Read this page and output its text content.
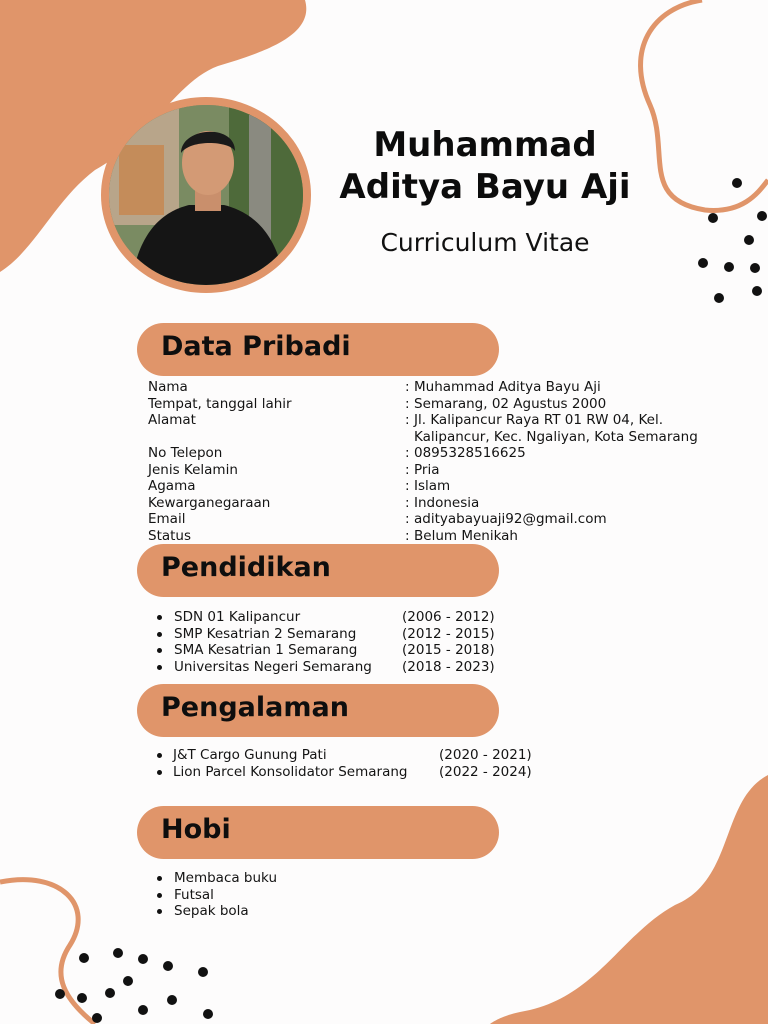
Muhammad
Aditya Bayu Aji
Curriculum Vitae
Data Pribadi
Nama	: Muhammad Aditya Bayu Aji
Tempat, tanggal lahir	: Semarang, 02 Agustus 2000
Alamat	: Jl. Kalipancur Raya RT 01 RW 04, Kel. Kalipancur, Kec. Ngaliyan, Kota Semarang
No Telepon	: 0895328516625
Jenis Kelamin	: Pria
Agama	: Islam
Kewarganegaraan	: Indonesia
Email	: adityabayuaji92@gmail.com
Status	: Belum Menikah
Pendidikan
SDN 01 Kalipancur	(2006 - 2012)
SMP Kesatrian 2 Semarang	(2012 - 2015)
SMA Kesatrian 1 Semarang	(2015 - 2018)
Universitas Negeri Semarang (2018 - 2023)
Pengalaman
J&T Cargo Gunung Pati	(2020 - 2021)
Lion Parcel Konsolidator Semarang (2022 - 2024)
Hobi
Membaca buku
Futsal
Sepak bola
